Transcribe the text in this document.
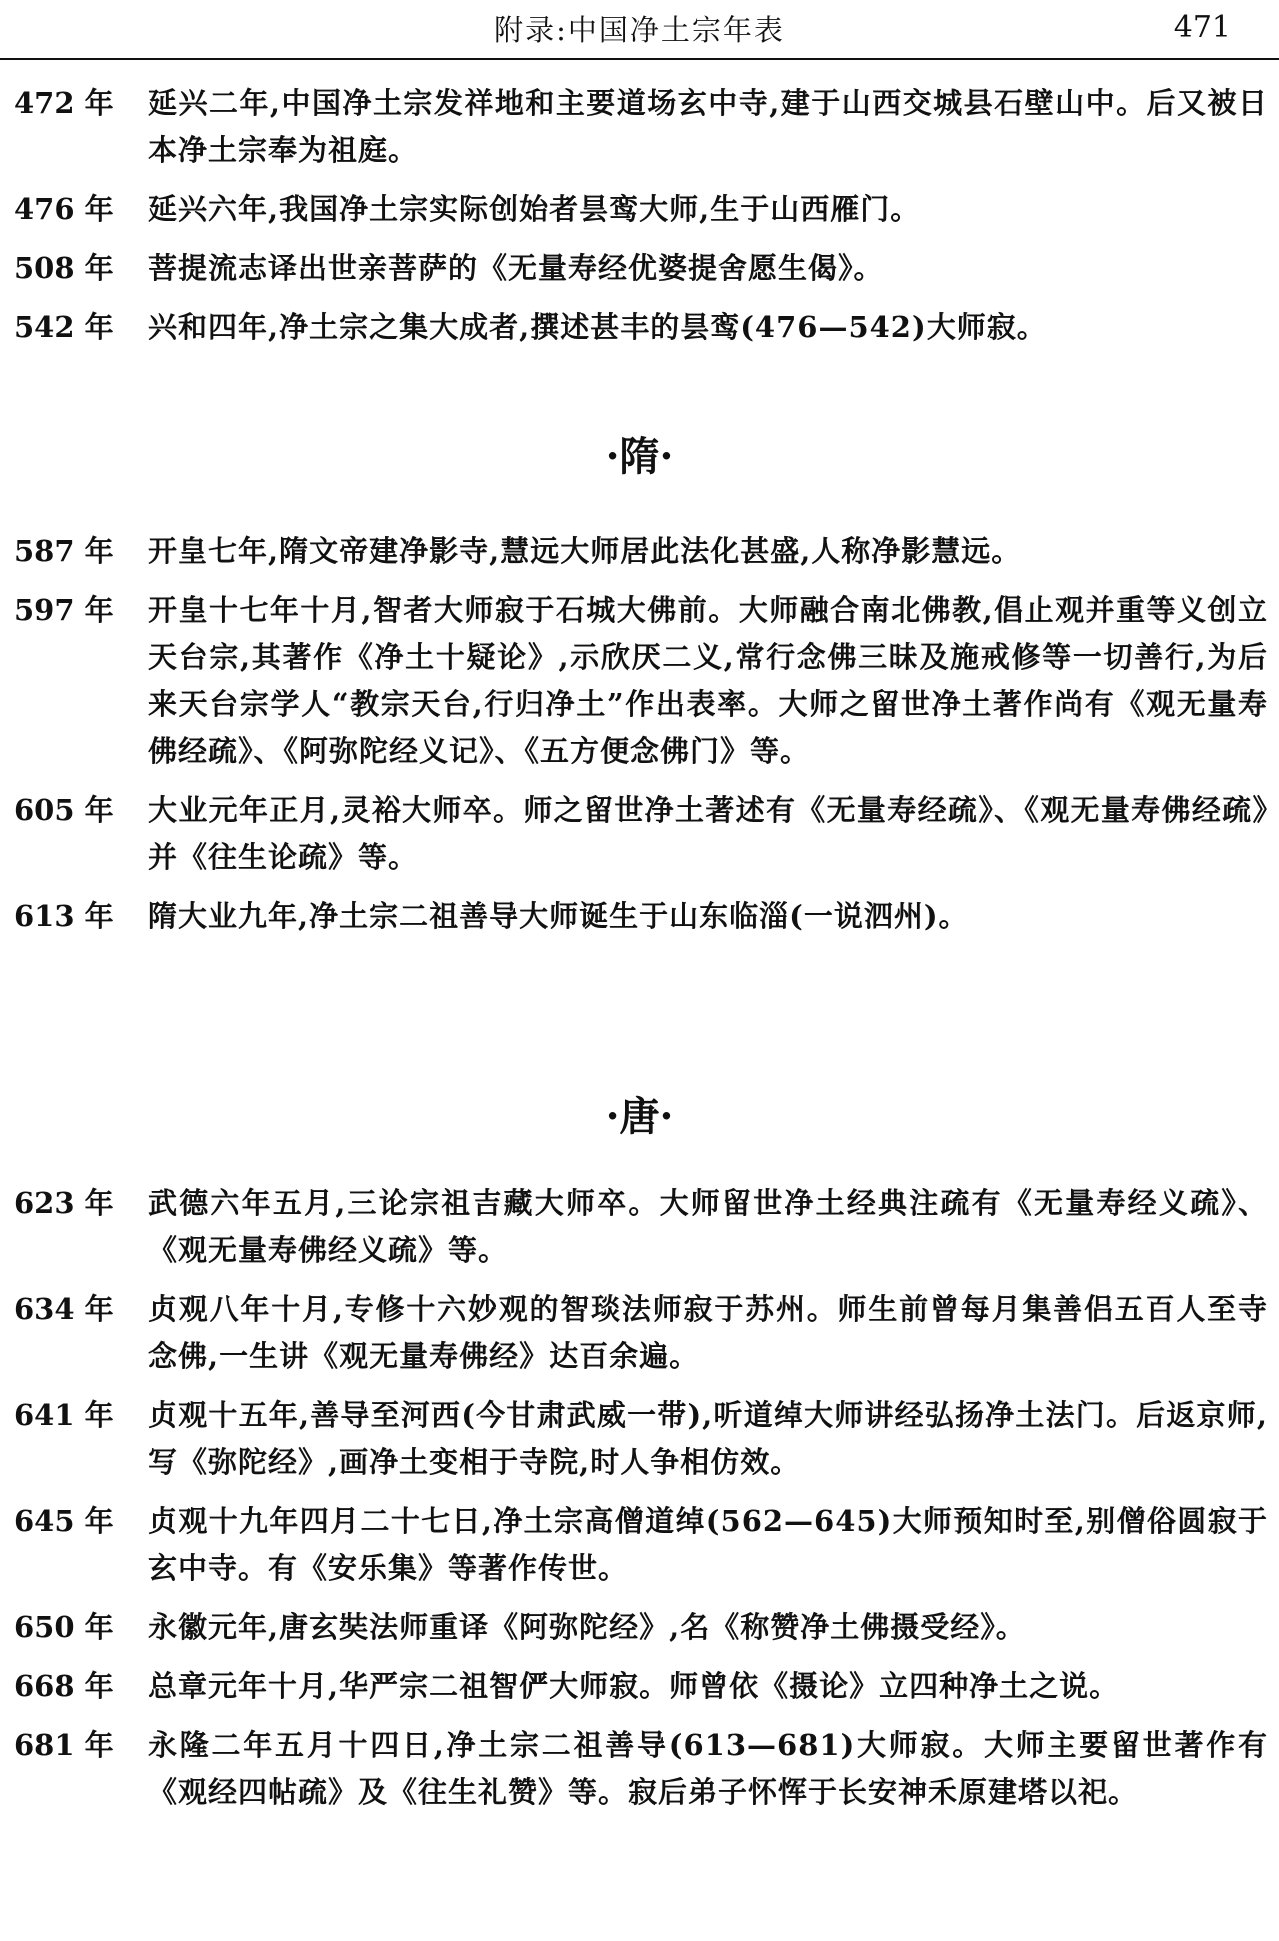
附录:中国净土宗年表	471
472 年	延兴二年,中国净土宗发祥地和主要道场玄中寺,建于山西交城县石壁山中。后又被日本净土宗奉为祖庭。
476 年	延兴六年,我国净土宗实际创始者昙鸾大师,生于山西雁门。
508 年	菩提流志译出世亲菩萨的《无量寿经优婆提舍愿生偈》。
542 年	兴和四年,净土宗之集大成者,撰述甚丰的昙鸾(476—542)大师寂。
·隋·
587 年	开皇七年,隋文帝建净影寺,慧远大师居此法化甚盛,人称净影慧远。
597 年	开皇十七年十月,智者大师寂于石城大佛前。大师融合南北佛教,倡止观并重等义创立天台宗,其著作《净土十疑论》,示欣厌二义,常行念佛三昧及施戒修等一切善行,为后来天台宗学人“教宗天台,行归净土”作出表率。大师之留世净土著作尚有《观无量寿佛经疏》、《阿弥陀经义记》、《五方便念佛门》等。
605 年	大业元年正月,灵裕大师卒。师之留世净土著述有《无量寿经疏》、《观无量寿佛经疏》并《往生论疏》等。
613 年	隋大业九年,净土宗二祖善导大师诞生于山东临淄(一说泗州)。
·唐·
623 年	武德六年五月,三论宗祖吉藏大师卒。大师留世净土经典注疏有《无量寿经义疏》、《观无量寿佛经义疏》等。
634 年	贞观八年十月,专修十六妙观的智琰法师寂于苏州。师生前曾每月集善侣五百人至寺念佛,一生讲《观无量寿佛经》达百余遍。
641 年	贞观十五年,善导至河西(今甘肃武威一带),听道绰大师讲经弘扬净土法门。后返京师,写《弥陀经》,画净土变相于寺院,时人争相仿效。
645 年	贞观十九年四月二十七日,净土宗高僧道绰(562—645)大师预知时至,别僧俗圆寂于玄中寺。有《安乐集》等著作传世。
650 年	永徽元年,唐玄奘法师重译《阿弥陀经》,名《称赞净土佛摄受经》。
668 年	总章元年十月,华严宗二祖智俨大师寂。师曾依《摄论》立四种净土之说。
681 年	永隆二年五月十四日,净土宗二祖善导(613—681)大师寂。大师主要留世著作有《观经四帖疏》及《往生礼赞》等。寂后弟子怀恽于长安神禾原建塔以祀。
